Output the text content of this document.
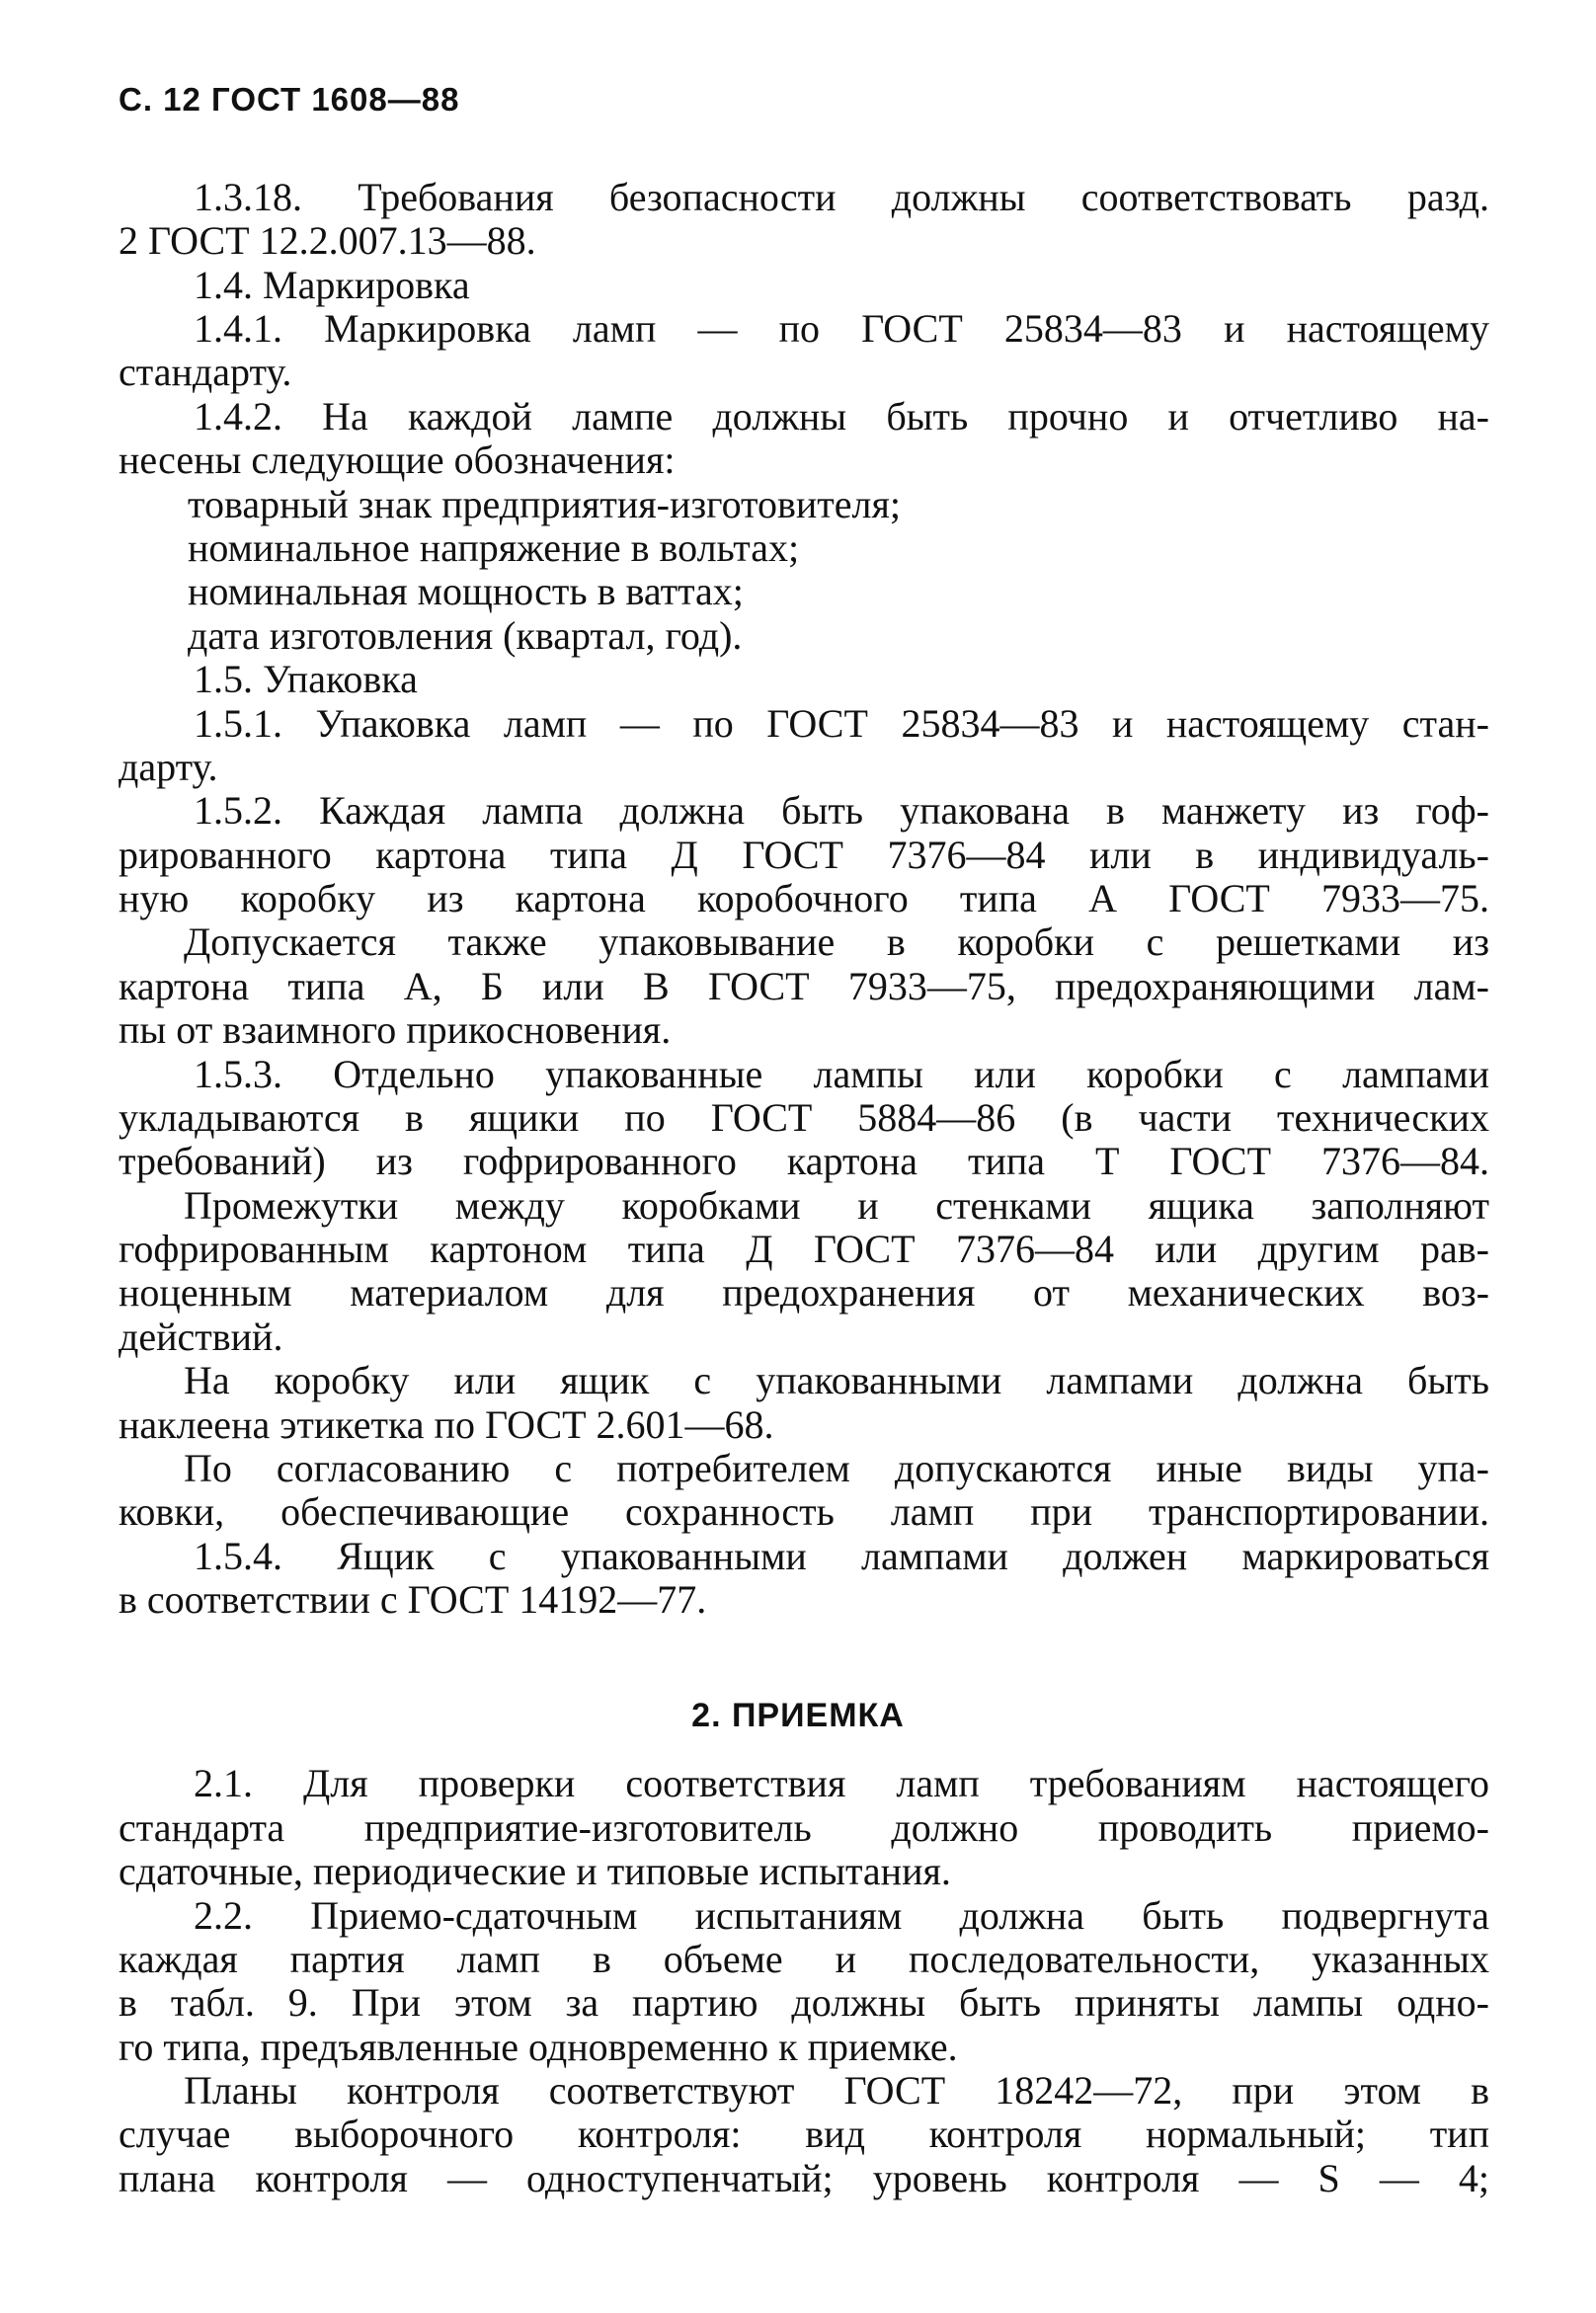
С. 12 ГОСТ 1608—88
1.3.18. Требования безопасности должны соответствовать разд.
2 ГОСТ 12.2.007.13—88.
1.4. Маркировка
1.4.1. Маркировка ламп — по ГОСТ 25834—83 и настоящему
стандарту.
1.4.2. На каждой лампе должны быть прочно и отчетливо на-
несены следующие обозначения:
товарный знак предприятия-изготовителя;
номинальное напряжение в вольтах;
номинальная мощность в ваттах;
дата изготовления (квартал, год).
1.5. Упаковка
1.5.1. Упаковка ламп — по ГОСТ 25834—83 и настоящему стан-
дарту.
1.5.2. Каждая лампа должна быть упакована в манжету из гоф-
рированного картона типа Д ГОСТ 7376—84 или в индивидуаль-
ную коробку из картона коробочного типа А ГОСТ 7933—75.
Допускается также упаковывание в коробки с решетками из
картона типа А, Б или В ГОСТ 7933—75, предохраняющими лам-
пы от взаимного прикосновения.
1.5.3. Отдельно упакованные лампы или коробки с лампами
укладываются в ящики по ГОСТ 5884—86 (в части технических
требований) из гофрированного картона типа Т ГОСТ 7376—84.
Промежутки между коробками и стенками ящика заполняют
гофрированным картоном типа Д ГОСТ 7376—84 или другим рав-
ноценным материалом для предохранения от механических воз-
действий.
На коробку или ящик с упакованными лампами должна быть
наклеена этикетка по ГОСТ 2.601—68.
По согласованию с потребителем допускаются иные виды упа-
ковки, обеспечивающие сохранность ламп при транспортировании.
1.5.4. Ящик с упакованными лампами должен маркироваться
в соответствии с ГОСТ 14192—77.
2. ПРИЕМКА
2.1. Для проверки соответствия ламп требованиям настоящего
стандарта предприятие-изготовитель должно проводить приемо-
сдаточные, периодические и типовые испытания.
2.2. Приемо-сдаточным испытаниям должна быть подвергнута
каждая партия ламп в объеме и последовательности, указанных
в табл. 9. При этом за партию должны быть приняты лампы одно-
го типа, предъявленные одновременно к приемке.
Планы контроля соответствуют ГОСТ 18242—72, при этом в
случае выборочного контроля: вид контроля нормальный; тип
плана контроля — одноступенчатый; уровень контроля — S — 4;
